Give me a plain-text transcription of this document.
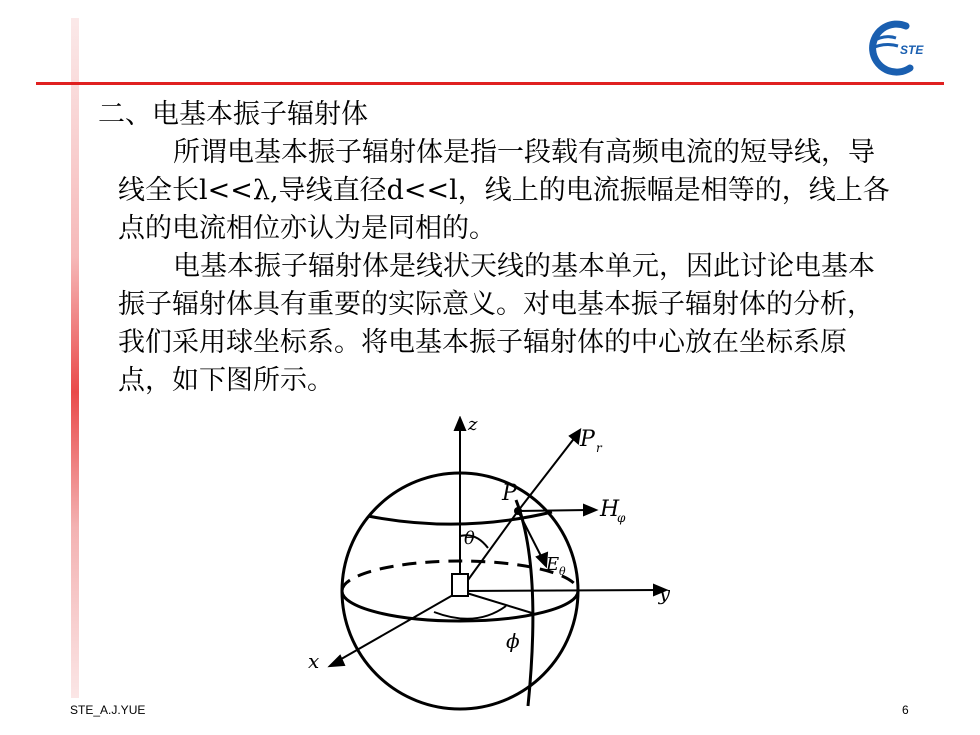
STE

二、电基本振子辐射体

所谓电基本振子辐射体是指一段载有高频电流的短导线，导线全长l<<λ,导线直径d<<l，线上的电流振幅是相等的，线上各点的电流相位亦认为是同相的。

电基本振子辐射体是线状天线的基本单元，因此讨论电基本振子辐射体具有重要的实际意义。对电基本振子辐射体的分析，我们采用球坐标系。将电基本振子辐射体的中心放在坐标系原点，如下图所示。

z
P r
P
H
φ
θ
E θ
y
ϕ
x
STE_A.J.YUE	6
